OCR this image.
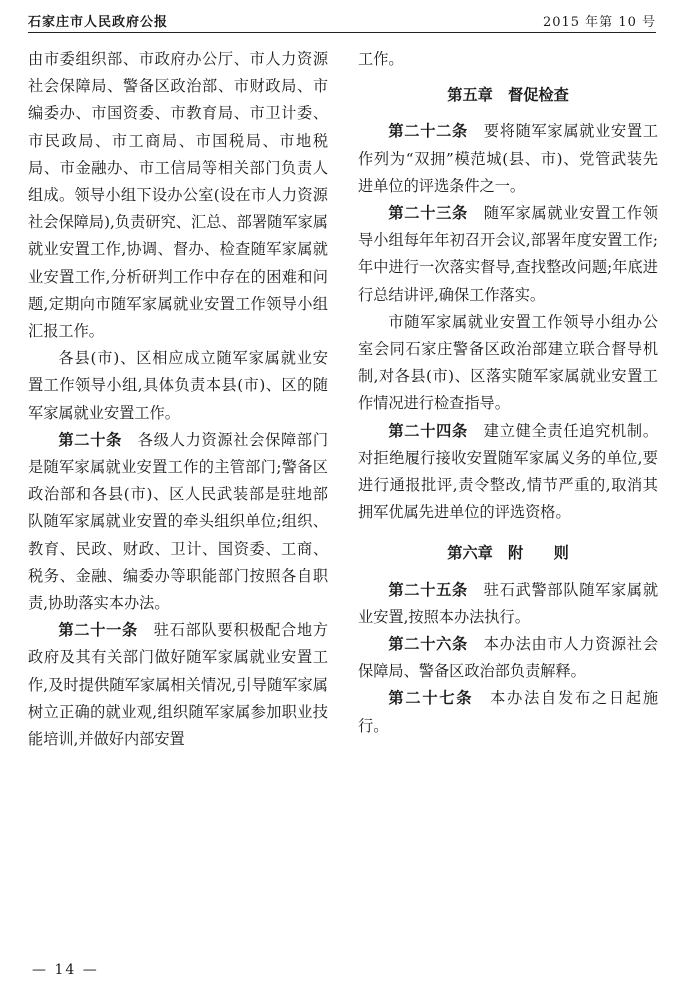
石家庄市人民政府公报	2015 年第 10 号

由市委组织部、市政府办公厅、市人力资源社会保障局、警备区政治部、市财政局、市编委办、市国资委、市教育局、市卫计委、市民政局、市工商局、市国税局、市地税局、市金融办、市工信局等相关部门负责人组成。领导小组下设办公室(设在市人力资源社会保障局),负责研究、汇总、部署随军家属就业安置工作,协调、督办、检查随军家属就业安置工作,分析研判工作中存在的困难和问题,定期向市随军家属就业安置工作领导小组汇报工作。

各县(市)、区相应成立随军家属就业安置工作领导小组,具体负责本县(市)、区的随军家属就业安置工作。

第二十条　各级人力资源社会保障部门是随军家属就业安置工作的主管部门;警备区政治部和各县(市)、区人民武装部是驻地部队随军家属就业安置的牵头组织单位;组织、教育、民政、财政、卫计、国资委、工商、税务、金融、编委办等职能部门按照各自职责,协助落实本办法。

第二十一条　驻石部队要积极配合地方政府及其有关部门做好随军家属就业安置工作,及时提供随军家属相关情况,引导随军家属树立正确的就业观,组织随军家属参加职业技能培训,并做好内部安置

工作。

第五章　督促检查

第二十二条　要将随军家属就业安置工作列为“双拥”模范城(县、市)、党管武装先进单位的评选条件之一。

第二十三条　随军家属就业安置工作领导小组每年年初召开会议,部署年度安置工作;年中进行一次落实督导,查找整改问题;年底进行总结讲评,确保工作落实。

市随军家属就业安置工作领导小组办公室会同石家庄警备区政治部建立联合督导机制,对各县(市)、区落实随军家属就业安置工作情况进行检查指导。

第二十四条　建立健全责任追究机制。对拒绝履行接收安置随军家属义务的单位,要进行通报批评,责令整改,情节严重的,取消其拥军优属先进单位的评选资格。

第六章　附　　则

第二十五条　驻石武警部队随军家属就业安置,按照本办法执行。

第二十六条　本办法由市人力资源社会保障局、警备区政治部负责解释。

第二十七条　本办法自发布之日起施行。

— 14 —
